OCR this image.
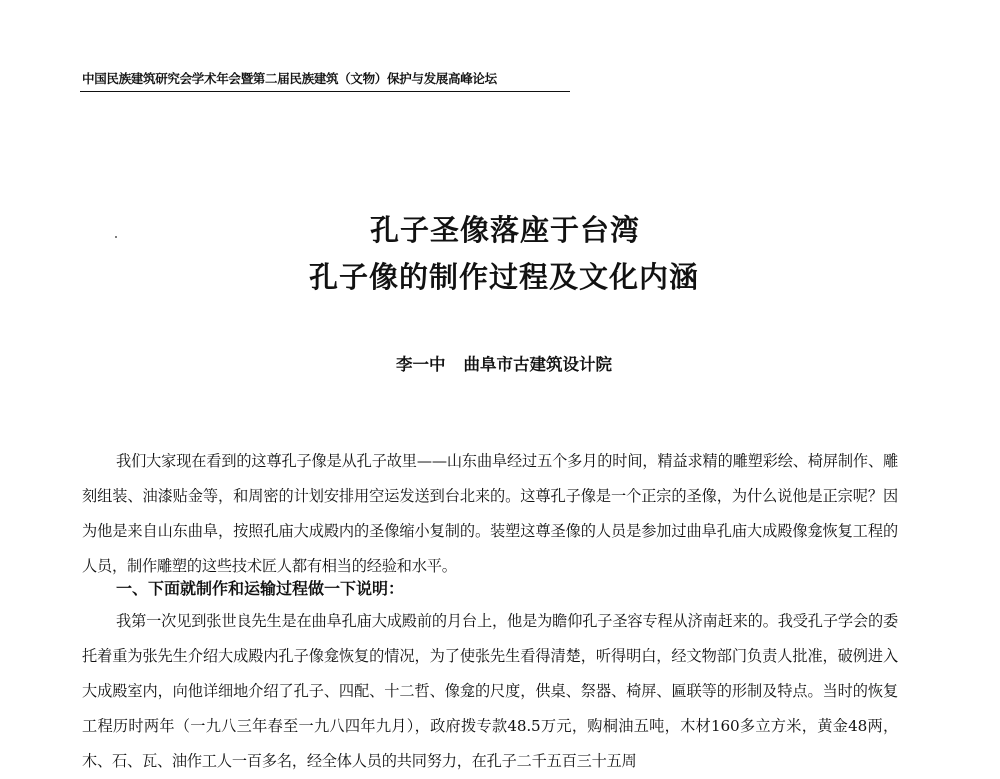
中国民族建筑研究会学术年会暨第二届民族建筑（文物）保护与发展高峰论坛
孔子圣像落座于台湾
孔子像的制作过程及文化内涵
李一中 曲阜市古建筑设计院
我们大家现在看到的这尊孔子像是从孔子故里——山东曲阜经过五个多月的时间，精益求精的雕塑彩绘、椅屏制作、雕刻组装、油漆贴金等，和周密的计划安排用空运发送到台北来的。这尊孔子像是一个正宗的圣像，为什么说他是正宗呢？因为他是来自山东曲阜，按照孔庙大成殿内的圣像缩小复制的。装塑这尊圣像的人员是参加过曲阜孔庙大成殿像龛恢复工程的人员，制作雕塑的这些技术匠人都有相当的经验和水平。
一、下面就制作和运输过程做一下说明：
我第一次见到张世良先生是在曲阜孔庙大成殿前的月台上，他是为瞻仰孔子圣容专程从济南赶来的。我受孔子学会的委托着重为张先生介绍大成殿内孔子像龛恢复的情况，为了使张先生看得清楚，听得明白，经文物部门负责人批准，破例进入大成殿室内，向他详细地介绍了孔子、四配、十二哲、像龛的尺度，供桌、祭器、椅屏、匾联等的形制及特点。当时的恢复工程历时两年（一九八三年春至一九八四年九月），政府拨专款48.5万元，购桐油五吨，木材160多立方米，黄金48两，木、石、瓦、油作工人一百多名，经全体人员的共同努力，在孔子二千五百三十五周
